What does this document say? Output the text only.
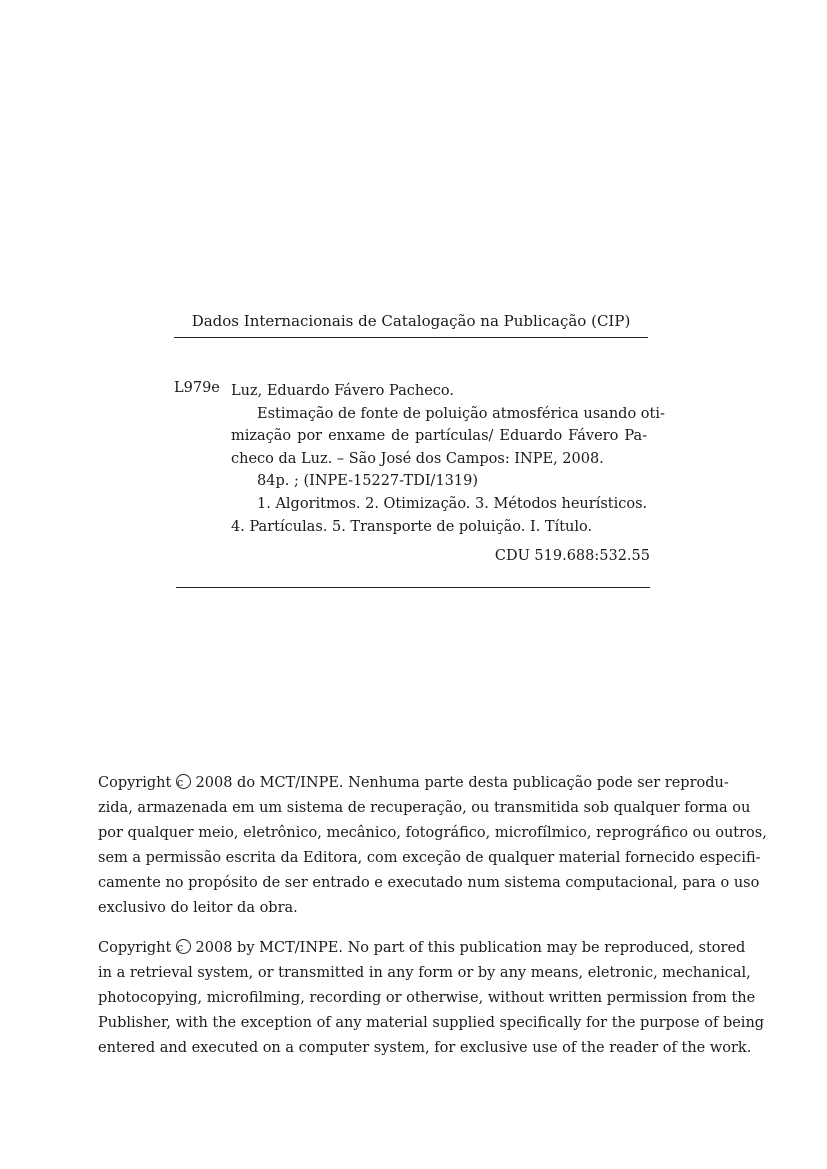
Dados Internacionais de Catalogação na Publicação (CIP)
L979e Luz, Eduardo Fávero Pacheco.
Estimação de fonte de poluição atmosférica usando oti-
mização por enxame de partículas/ Eduardo Fávero Pa-
checo da Luz. – São José dos Campos: INPE, 2008.
84p. ; (INPE-15227-TDI/1319)
1. Algoritmos. 2. Otimização. 3. Métodos heurísticos.
4. Partículas. 5. Transporte de poluição. I. Título.
CDU 519.688:532.55
Copyright c 2008 do MCT/INPE. Nenhuma parte desta publicação pode ser reprodu-
zida, armazenada em um sistema de recuperação, ou transmitida sob qualquer forma ou
por qualquer meio, eletrônico, mecânico, fotográfico, microfílmico, reprográfico ou outros,
sem a permissão escrita da Editora, com exceção de qualquer material fornecido especifi-
camente no propósito de ser entrado e executado num sistema computacional, para o uso
exclusivo do leitor da obra.
Copyright c 2008 by MCT/INPE. No part of this publication may be reproduced, stored
in a retrieval system, or transmitted in any form or by any means, eletronic, mechanical,
photocopying, microfilming, recording or otherwise, without written permission from the
Publisher, with the exception of any material supplied specifically for the purpose of being
entered and executed on a computer system, for exclusive use of the reader of the work.
